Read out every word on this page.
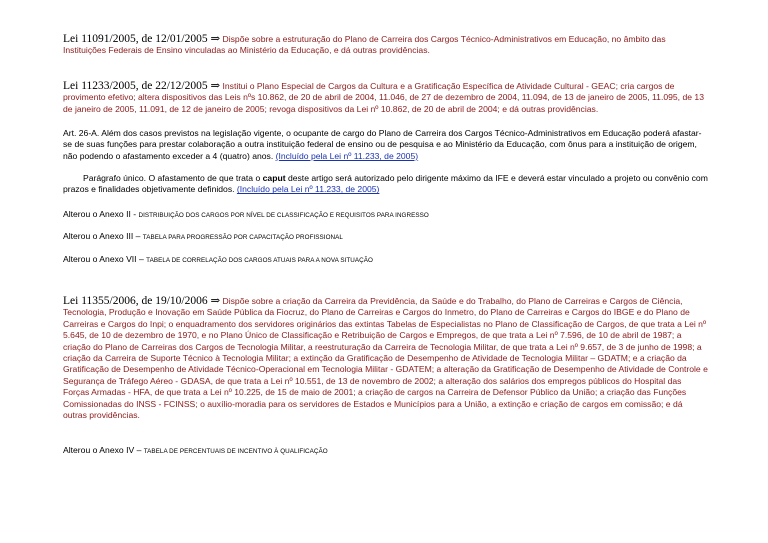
Lei 11091/2005, de 12/01/2005 ⇒ Dispõe sobre a estruturação do Plano de Carreira dos Cargos Técnico-Administrativos em Educação, no âmbito das Instituições Federais de Ensino vinculadas ao Ministério da Educação, e dá outras providências.
Lei 11233/2005, de 22/12/2005 ⇒ Institui o Plano Especial de Cargos da Cultura e a Gratificação Específica de Atividade Cultural - GEAC; cria cargos de provimento efetivo; altera dispositivos das Leis nºs 10.862, de 20 de abril de 2004, 11.046, de 27 de dezembro de 2004, 11.094, de 13 de janeiro de 2005, 11.095, de 13 de janeiro de 2005, 11.091, de 12 de janeiro de 2005; revoga dispositivos da Lei nº 10.862, de 20 de abril de 2004; e dá outras providências.
Art. 26-A. Além dos casos previstos na legislação vigente, o ocupante de cargo do Plano de Carreira dos Cargos Técnico-Administrativos em Educação poderá afastar-se de suas funções para prestar colaboração a outra instituição federal de ensino ou de pesquisa e ao Ministério da Educação, com ônus para a instituição de origem, não podendo o afastamento exceder a 4 (quatro) anos. (Incluído pela Lei nº 11.233, de 2005)
Parágrafo único. O afastamento de que trata o caput deste artigo será autorizado pelo dirigente máximo da IFE e deverá estar vinculado a projeto ou convênio com prazos e finalidades objetivamente definidos. (Incluído pela Lei nº 11.233, de 2005)
Alterou o Anexo II - DISTRIBUIÇÃO DOS CARGOS POR NÍVEL DE CLASSIFICAÇÃO E REQUISITOS PARA INGRESSO
Alterou o Anexo III – TABELA PARA PROGRESSÃO POR CAPACITAÇÃO PROFISSIONAL
Alterou o Anexo VII – TABELA DE CORRELAÇÃO DOS CARGOS ATUAIS PARA A NOVA SITUAÇÃO
Lei 11355/2006, de 19/10/2006 ⇒ Dispõe sobre a criação da Carreira da Previdência, da Saúde e do Trabalho, do Plano de Carreiras e Cargos de Ciência, Tecnologia, Produção e Inovação em Saúde Pública da Fiocruz, do Plano de Carreiras e Cargos do Inmetro, do Plano de Carreiras e Cargos do IBGE e do Plano de Carreiras e Cargos do Inpi; o enquadramento dos servidores originários das extintas Tabelas de Especialistas no Plano de Classificação de Cargos, de que trata a Lei nº 5.645, de 10 de dezembro de 1970, e no Plano Único de Classificação e Retribuição de Cargos e Empregos, de que trata a Lei nº 7.596, de 10 de abril de 1987; a criação do Plano de Carreiras dos Cargos de Tecnologia Militar, a reestruturação da Carreira de Tecnologia Militar, de que trata a Lei nº 9.657, de 3 de junho de 1998; a criação da Carreira de Suporte Técnico à Tecnologia Militar; a extinção da Gratificação de Desempenho de Atividade de Tecnologia Militar – GDATM; e a criação da Gratificação de Desempenho de Atividade Técnico-Operacional em Tecnologia Militar - GDATEM; a alteração da Gratificação de Desempenho de Atividade de Controle e Segurança de Tráfego Aéreo - GDASA, de que trata a Lei nº 10.551, de 13 de novembro de 2002; a alteração dos salários dos empregos públicos do Hospital das Forças Armadas - HFA, de que trata a Lei nº 10.225, de 15 de maio de 2001; a criação de cargos na Carreira de Defensor Público da União; a criação das Funções Comissionadas do INSS - FCINSS; o auxílio-moradia para os servidores de Estados e Municípios para a União, a extinção e criação de cargos em comissão; e dá outras providências.
Alterou o Anexo IV – TABELA DE PERCENTUAIS DE INCENTIVO À QUALIFICAÇÃO
